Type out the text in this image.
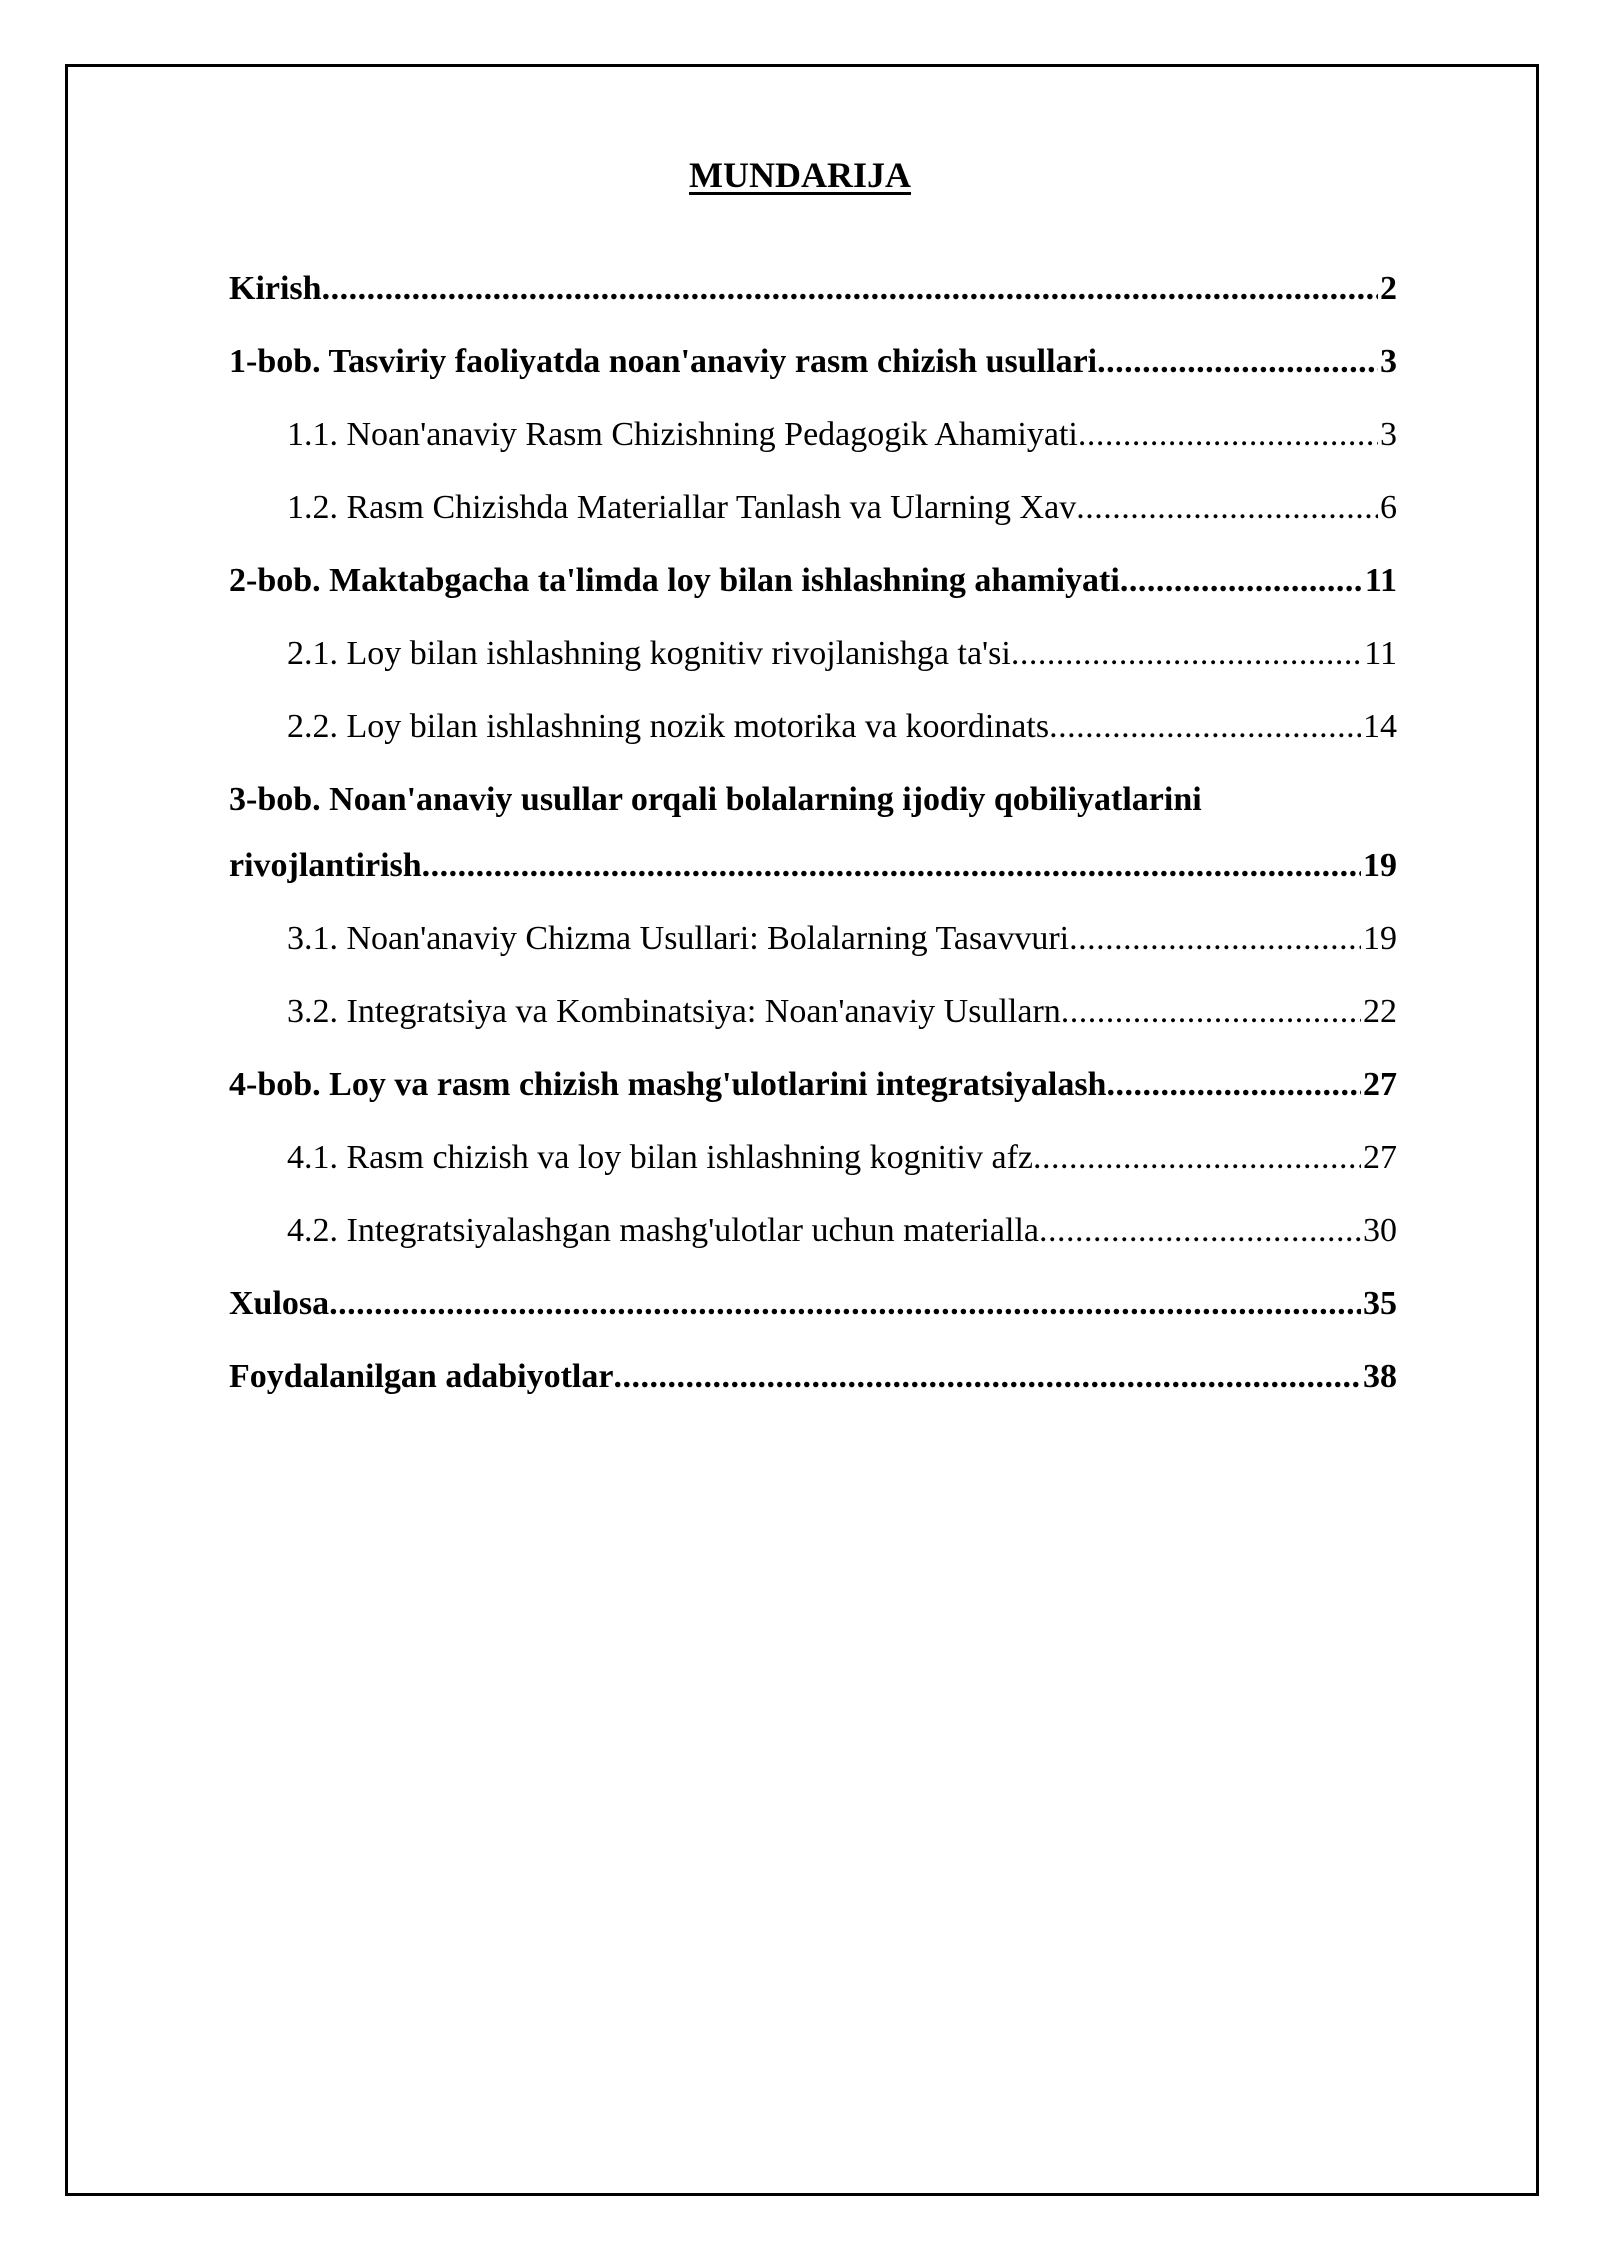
MUNDARIJA
Kirish .....	2
1-bob. Tasviriy faoliyatda noan'anaviy rasm chizish usullari .....	3
1.1. Noan'anaviy Rasm Chizishning Pedagogik Ahamiyati .....	3
1.2. Rasm Chizishda Materiallar Tanlash va Ularning Xav .....	6
2-bob. Maktabgacha ta'limda loy bilan ishlashning ahamiyati .....	11
2.1. Loy bilan ishlashning kognitiv rivojlanishga ta'si .....	11
2.2. Loy bilan ishlashning nozik motorika va koordinats .....	14
3-bob. Noan'anaviy usullar orqali bolalarning ijodiy qobiliyatlarini
rivojlantirish .....	19
3.1. Noan'anaviy Chizma Usullari: Bolalarning Tasavvuri .....	19
3.2. Integratsiya va Kombinatsiya: Noan'anaviy Usullarn .....	22
4-bob. Loy va rasm chizish mashg'ulotlarini integratsiyalash .....	27
4.1. Rasm chizish va loy bilan ishlashning kognitiv afz .....	27
4.2. Integratsiyalashgan mashg'ulotlar uchun materialla .....	30
Xulosa .....	35
Foydalanilgan adabiyotlar .....	38
